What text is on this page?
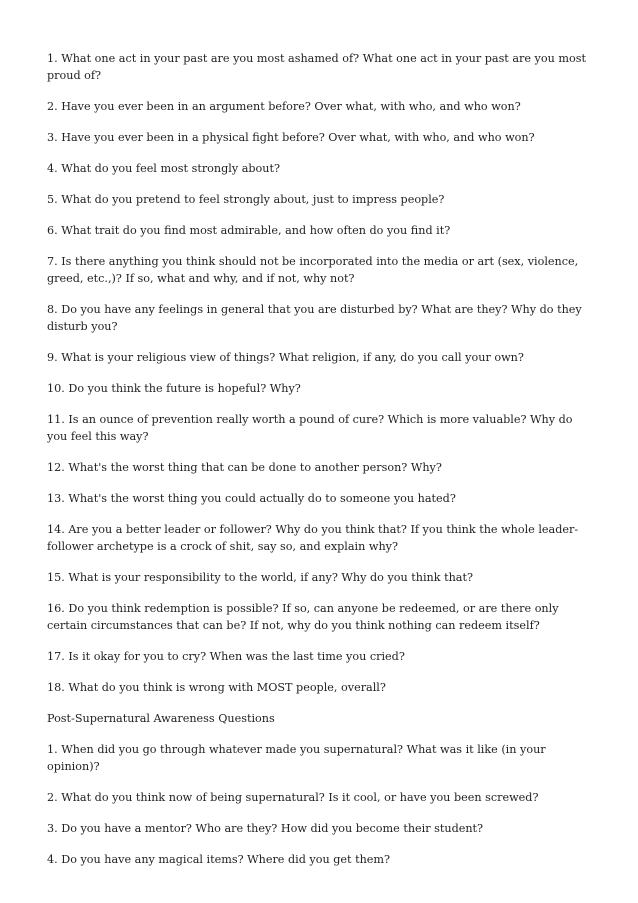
1. What one act in your past are you most ashamed of? What one act in your past are you most proud of?

2. Have you ever been in an argument before? Over what, with who, and who won?

3. Have you ever been in a physical fight before? Over what, with who, and who won?

4. What do you feel most strongly about?

5. What do you pretend to feel strongly about, just to impress people?

6. What trait do you find most admirable, and how often do you find it?

7. Is there anything you think should not be incorporated into the media or art (sex, violence, greed, etc.,)? If so, what and why, and if not, why not?

8. Do you have any feelings in general that you are disturbed by? What are they? Why do they disturb you?

9. What is your religious view of things? What religion, if any, do you call your own?

10. Do you think the future is hopeful? Why?

11. Is an ounce of prevention really worth a pound of cure? Which is more valuable? Why do you feel this way?

12. What's the worst thing that can be done to another person? Why?

13. What's the worst thing you could actually do to someone you hated?

14. Are you a better leader or follower? Why do you think that? If you think the whole leader-follower archetype is a crock of shit, say so, and explain why?

15. What is your responsibility to the world, if any? Why do you think that?

16. Do you think redemption is possible? If so, can anyone be redeemed, or are there only certain circumstances that can be? If not, why do you think nothing can redeem itself?

17. Is it okay for you to cry? When was the last time you cried?

18. What do you think is wrong with MOST people, overall?

Post-Supernatural Awareness Questions

1. When did you go through whatever made you supernatural? What was it like (in your opinion)?

2. What do you think now of being supernatural? Is it cool, or have you been screwed?

3. Do you have a mentor? Who are they? How did you become their student?

4. Do you have any magical items? Where did you get them?
